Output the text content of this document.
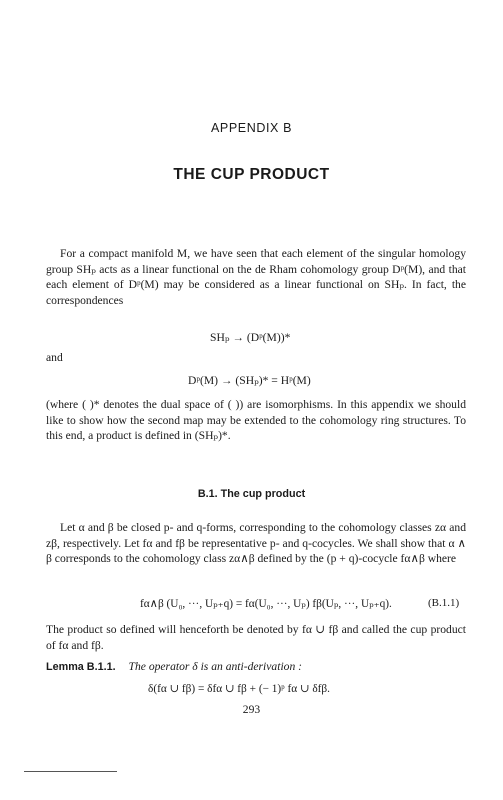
APPENDIX B
THE CUP PRODUCT
For a compact manifold M, we have seen that each element of the singular homology group SHₚ acts as a linear functional on the de Rham cohomology group Dᵖ(M), and that each element of Dᵖ(M) may be considered as a linear functional on SHₚ. In fact, the correspondences
SHₚ → (Dᵖ(M))*
and
Dᵖ(M) → (SHₚ)* = Hᵖ(M)
(where ( )* denotes the dual space of ( )) are isomorphisms. In this appendix we should like to show how the second map may be extended to the cohomology ring structures. To this end, a product is defined in (SHₚ)*.
B.1. The cup product
Let α and β be closed p- and q-forms, corresponding to the cohomology classes zα and zβ, respectively. Let fα and fβ be representative p- and q-cocycles. We shall show that α ∧ β corresponds to the cohomology class zα∧β defined by the (p + q)-cocycle fα∧β where
fα∧β (U₀, ···, Uₚ₊q) = fα(U₀, ···, Uₚ) fβ(Uₚ, ···, Uₚ₊q).	(B.1.1)
The product so defined will henceforth be denoted by fα ∪ fβ and called the cup product of fα and fβ.
Lemma B.1.1. The operator δ is an anti-derivation :
δ(fα ∪ fβ) = δfα ∪ fβ + (− 1)ᵖ fα ∪ δfβ.
293
